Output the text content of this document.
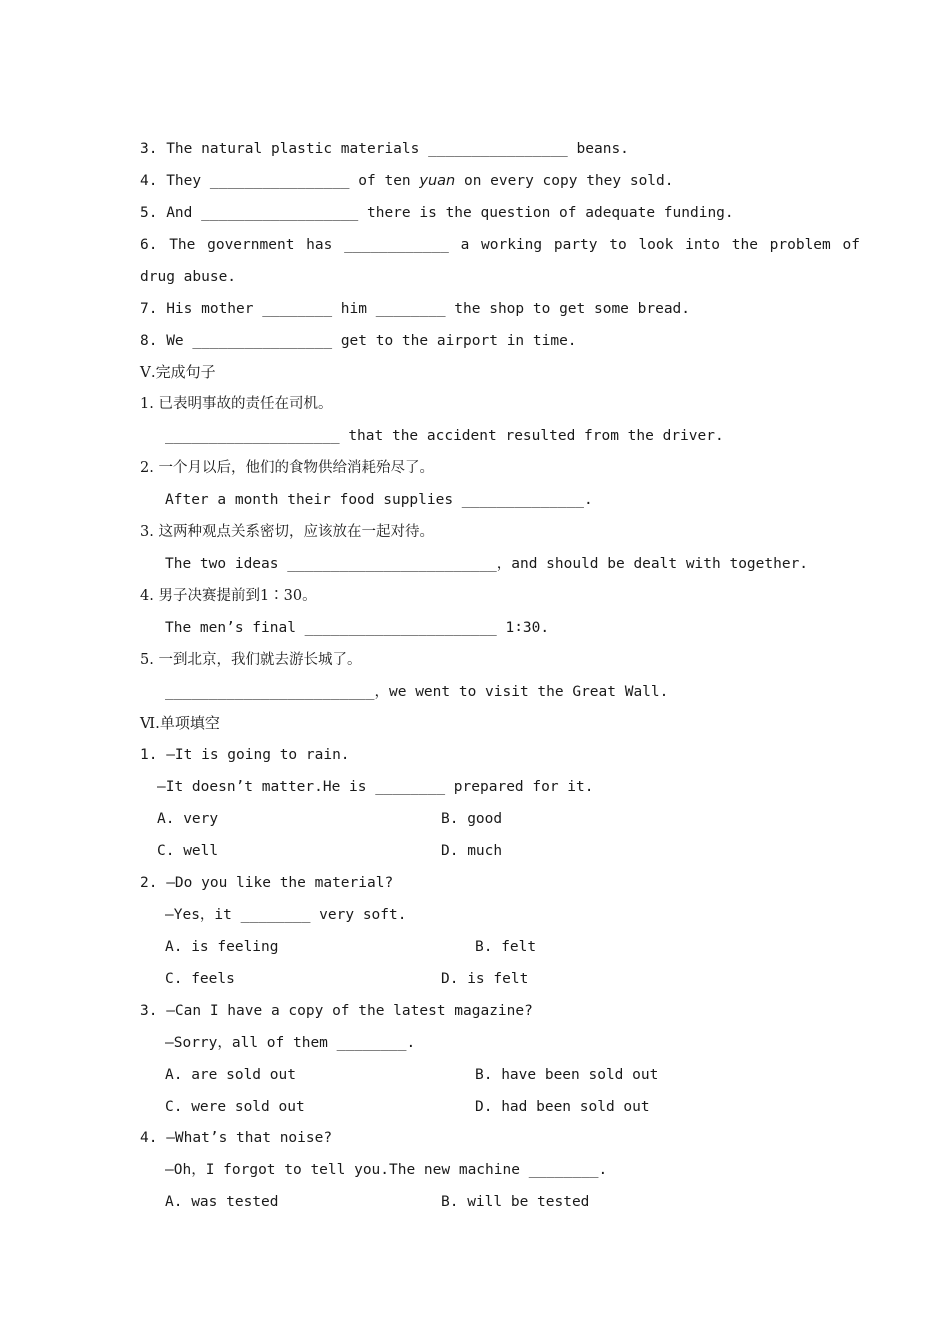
3. The natural plastic materials ________________ beans.
4. They ________________ of ten yuan on every copy they sold.
5. And __________________ there is the question of adequate funding.
6. The government has ____________ a working party to look into the problem of
drug abuse.
7. His mother ________ him ________ the shop to get some bread.
8. We ________________ get to the airport in time.
Ⅴ.完成句子
1. 已表明事故的责任在司机。
____________________ that the accident resulted from the driver.
2. 一个月以后，他们的食物供给消耗殆尽了。
After a month their food supplies ______________.
3. 这两种观点关系密切，应该放在一起对待。
The two ideas ________________________，and should be dealt with together.
4. 男子决赛提前到1∶30。
The men’s final ______________________ 1∶30.
5. 一到北京，我们就去游长城了。
________________________，we went to visit the Great Wall.
Ⅵ.单项填空
1. —It is going to rain.
—It doesn’t matter.He is ________ prepared for it.
A. very	B. good
C. well	D. much
2. —Do you like the material?
—Yes，it ________ very soft.
A. is feeling	B. felt
C. feels	D. is felt
3. —Can I have a copy of the latest magazine?
—Sorry，all of them ________.
A. are sold out	B. have been sold out
C. were sold out	D. had been sold out
4. —What’s that noise?
—Oh，I forgot to tell you.The new machine ________.
A. was tested	B. will be tested
